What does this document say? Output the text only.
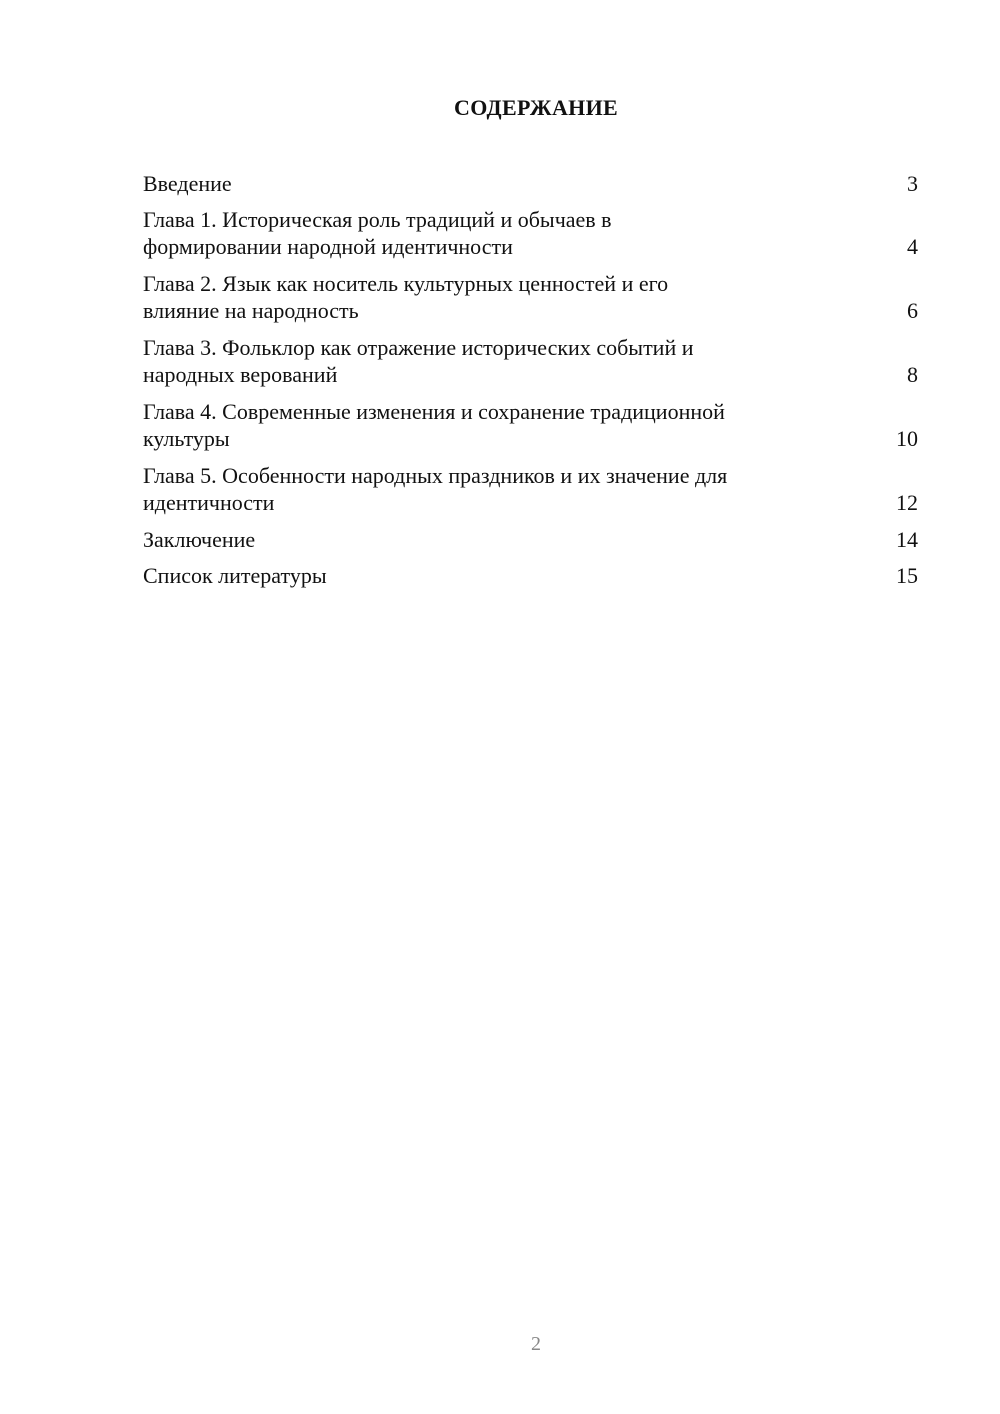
СОДЕРЖАНИЕ
Введение	3
Глава 1. Историческая роль традиций и обычаев в
формировании народной идентичности	4
Глава 2. Язык как носитель культурных ценностей и его
влияние на народность	6
Глава 3. Фольклор как отражение исторических событий и
народных верований	8
Глава 4. Современные изменения и сохранение традиционной
культуры	10
Глава 5. Особенности народных праздников и их значение для
идентичности	12
Заключение	14
Список литературы	15
2
